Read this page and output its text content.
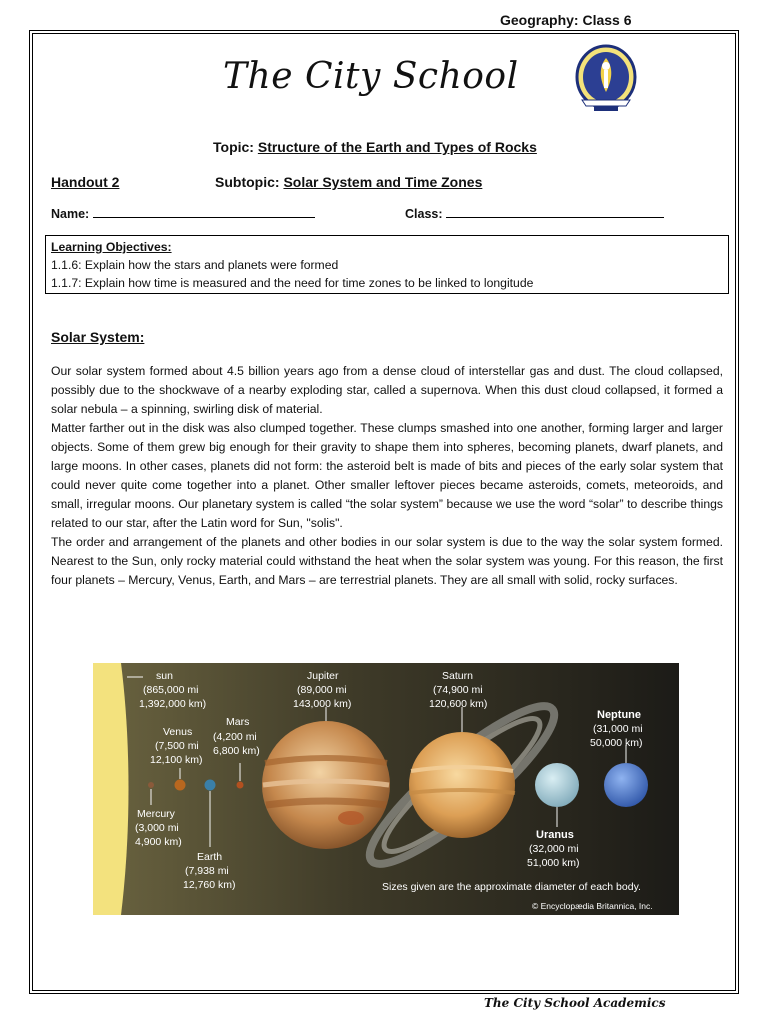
Geography: Class 6
The City School
Topic: Structure of the Earth and Types of Rocks
Handout 2	Subtopic: Solar System and Time Zones
Name:	Class:
Learning Objectives:
1.1.6: Explain how the stars and planets were formed
1.1.7: Explain how time is measured and the need for time zones to be linked to longitude
Solar System:

Our solar system formed about 4.5 billion years ago from a dense cloud of interstellar gas and dust. The cloud collapsed, possibly due to the shockwave of a nearby exploding star, called a supernova. When this dust cloud collapsed, it formed a solar nebula – a spinning, swirling disk of material.

Matter farther out in the disk was also clumped together. These clumps smashed into one another, forming larger and larger objects. Some of them grew big enough for their gravity to shape them into spheres, becoming planets, dwarf planets, and large moons. In other cases, planets did not form: the asteroid belt is made of bits and pieces of the early solar system that could never quite come together into a planet. Other smaller leftover pieces became asteroids, comets, meteoroids, and small, irregular moons. Our planetary system is called “the solar system” because we use the word “solar” to describe things related to our star, after the Latin word for Sun, "solis".

The order and arrangement of the planets and other bodies in our solar system is due to the way the solar system formed. Nearest to the Sun, only rocky material could withstand the heat when the solar system was young. For this reason, the first four planets – Mercury, Venus, Earth, and Mars – are terrestrial planets. They are all small with solid, rocky surfaces.

sun
(865,000 mi
1,392,000 km)
Venus
(7,500 mi
12,100 km)
Mars
(4,200 mi
6,800 km)
Mercury
(3,000 mi
4,900 km)
Earth
(7,938 mi
12,760 km)
Jupiter
(89,000 mi
143,000 km)
Saturn
(74,900 mi
120,600 km)
Neptune
(31,000 mi
50,000 km)
Uranus
(32,000 mi
51,000 km)
Sizes given are the approximate diameter of each body.
© Encyclopædia Britannica, Inc.
The City School Academics
